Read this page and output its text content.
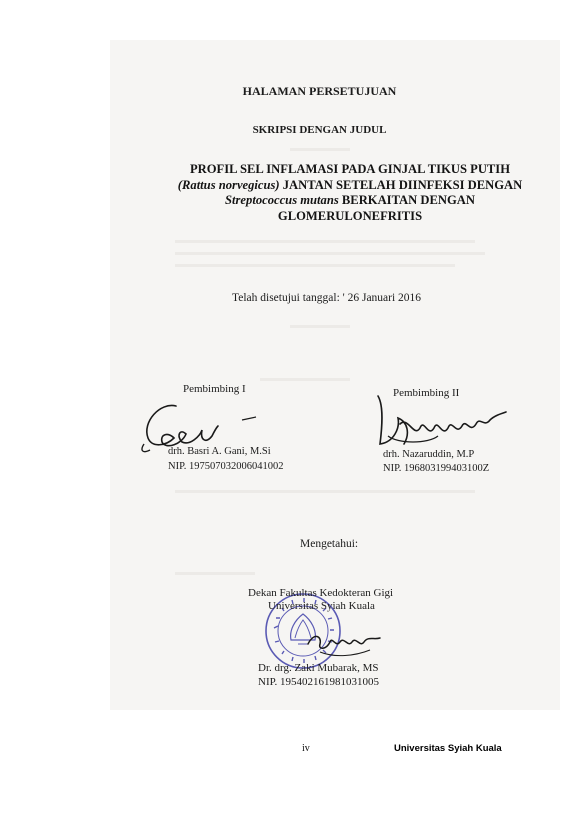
HALAMAN PERSETUJUAN
SKRIPSI DENGAN JUDUL
PROFIL SEL INFLAMASI PADA GINJAL TIKUS PUTIH
(Rattus norvegicus) JANTAN SETELAH DIINFEKSI DENGAN
Streptococcus mutans BERKAITAN DENGAN
GLOMERULONEFRITIS
Telah disetujui tanggal: ' 26 Januari 2016
Pembimbing I
drh. Basri A. Gani, M.Si
NIP. 197507032006041002
Pembimbing II
drh. Nazaruddin, M.P
NIP. 196803199403100Z
Mengetahui:
Dekan Fakultas Kedokteran Gigi
Universitas Syiah Kuala
Dr. drg. Zaki Mubarak, MS
NIP. 195402161981031005
iv	Universitas Syiah Kuala
